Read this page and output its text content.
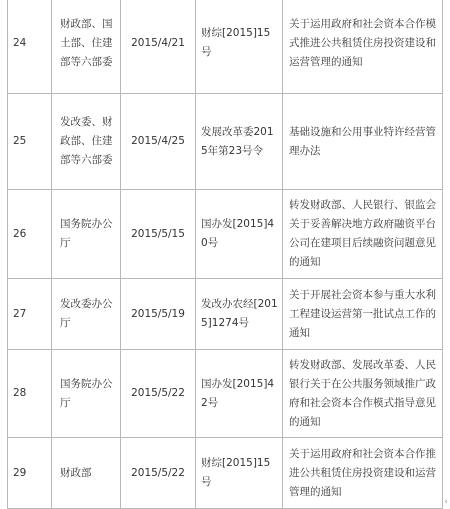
24	财政部、国土部、住建部等六部委	2015/4/21	财综[2015]15号	关于运用政府和社会资本合作模式推进公共租赁住房投资建设和运营管理的通知
25	发改委、财政部、住建部等六部委	2015/4/25	发展改革委2015年第23号令	基础设施和公用事业特许经营管理办法
26	国务院办公厅	2015/5/15	国办发[2015]40号	转发财政部、人民银行、银监会关于妥善解决地方政府融资平台公司在建项目后续融资问题意见的通知
27	发改委办公厅	2015/5/19	发改办农经[2015]1274号	关于开展社会资本参与重大水利工程建设运营第一批试点工作的通知
28	国务院办公厅	2015/5/22	国办发[2015]42号	转发财政部、发展改革委、人民银行关于在公共服务领域推广政府和社会资本合作模式指导意见的通知
29	财政部	2015/5/22	财综[2015]15号	关于运用政府和社会资本合作推进公共租赁住房投资建设和运营管理的通知
‹
